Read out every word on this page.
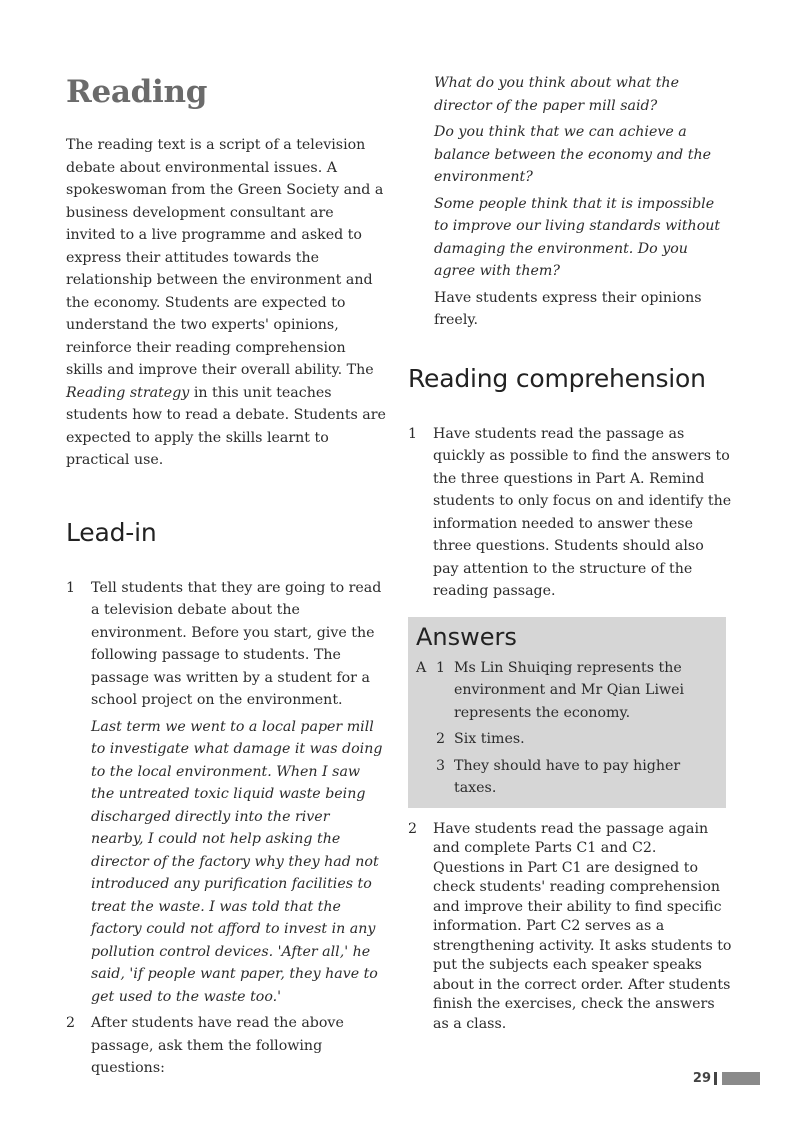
Reading

The reading text is a script of a television debate about environmental issues. A spokeswoman from the Green Society and a business development consultant are invited to a live programme and asked to express their attitudes towards the relationship between the environment and the economy. Students are expected to understand the two experts' opinions, reinforce their reading comprehension skills and improve their overall ability. The Reading strategy in this unit teaches students how to read a debate. Students are expected to apply the skills learnt to practical use.

Lead-in
1	Tell students that they are going to read a television debate about the environment. Before you start, give the following passage to students. The passage was written by a student for a school project on the environment.

Last term we went to a local paper mill to investigate what damage it was doing to the local environment. When I saw the untreated toxic liquid waste being discharged directly into the river nearby, I could not help asking the director of the factory why they had not introduced any purification facilities to treat the waste. I was told that the factory could not afford to invest in any pollution control devices. 'After all,' he said, 'if people want paper, they have to get used to the waste too.'

2	After students have read the above passage, ask them the following questions:

What do you think about what the director of the paper mill said?

Do you think that we can achieve a balance between the economy and the environment?

Some people think that it is impossible to improve our living standards without damaging the environment. Do you agree with them?

Have students express their opinions freely.

Reading comprehension
1	Have students read the passage as quickly as possible to find the answers to the three questions in Part A. Remind students to only focus on and identify the information needed to answer these three questions. Students should also pay attention to the structure of the reading passage.

Answers
A 1 Ms Lin Shuiqing represents the environment and Mr Qian Liwei represents the economy.
2 Six times.
3 They should have to pay higher taxes.
2	Have students read the passage again and complete Parts C1 and C2. Questions in Part C1 are designed to check students' reading comprehension and improve their ability to find specific information. Part C2 serves as a strengthening activity. It asks students to put the subjects each speaker speaks about in the correct order. After students finish the exercises, check the answers as a class.

29
